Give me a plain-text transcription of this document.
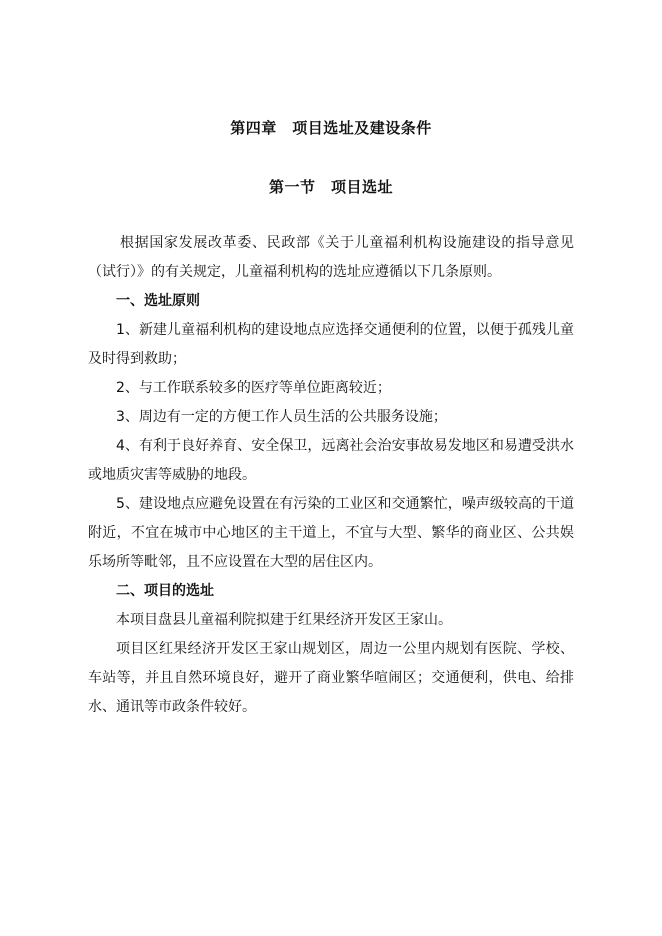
第四章　项目选址及建设条件
第一节　项目选址

根据国家发展改革委、民政部《关于儿童福利机构设施建设的指导意见（试行）》的有关规定，儿童福利机构的选址应遵循以下几条原则。

一、选址原则

1、新建儿童福利机构的建设地点应选择交通便利的位置，以便于孤残儿童及时得到救助；

2、与工作联系较多的医疗等单位距离较近；

3、周边有一定的方便工作人员生活的公共服务设施；

4、有利于良好养育、安全保卫，远离社会治安事故易发地区和易遭受洪水或地质灾害等威胁的地段。

5、建设地点应避免设置在有污染的工业区和交通繁忙，噪声级较高的干道附近，不宜在城市中心地区的主干道上，不宜与大型、繁华的商业区、公共娱乐场所等毗邻，且不应设置在大型的居住区内。

二、项目的选址

本项目盘县儿童福利院拟建于红果经济开发区王家山。

项目区红果经济开发区王家山规划区，周边一公里内规划有医院、学校、车站等，并且自然环境良好，避开了商业繁华喧闹区；交通便利，供电、给排水、通讯等市政条件较好。
